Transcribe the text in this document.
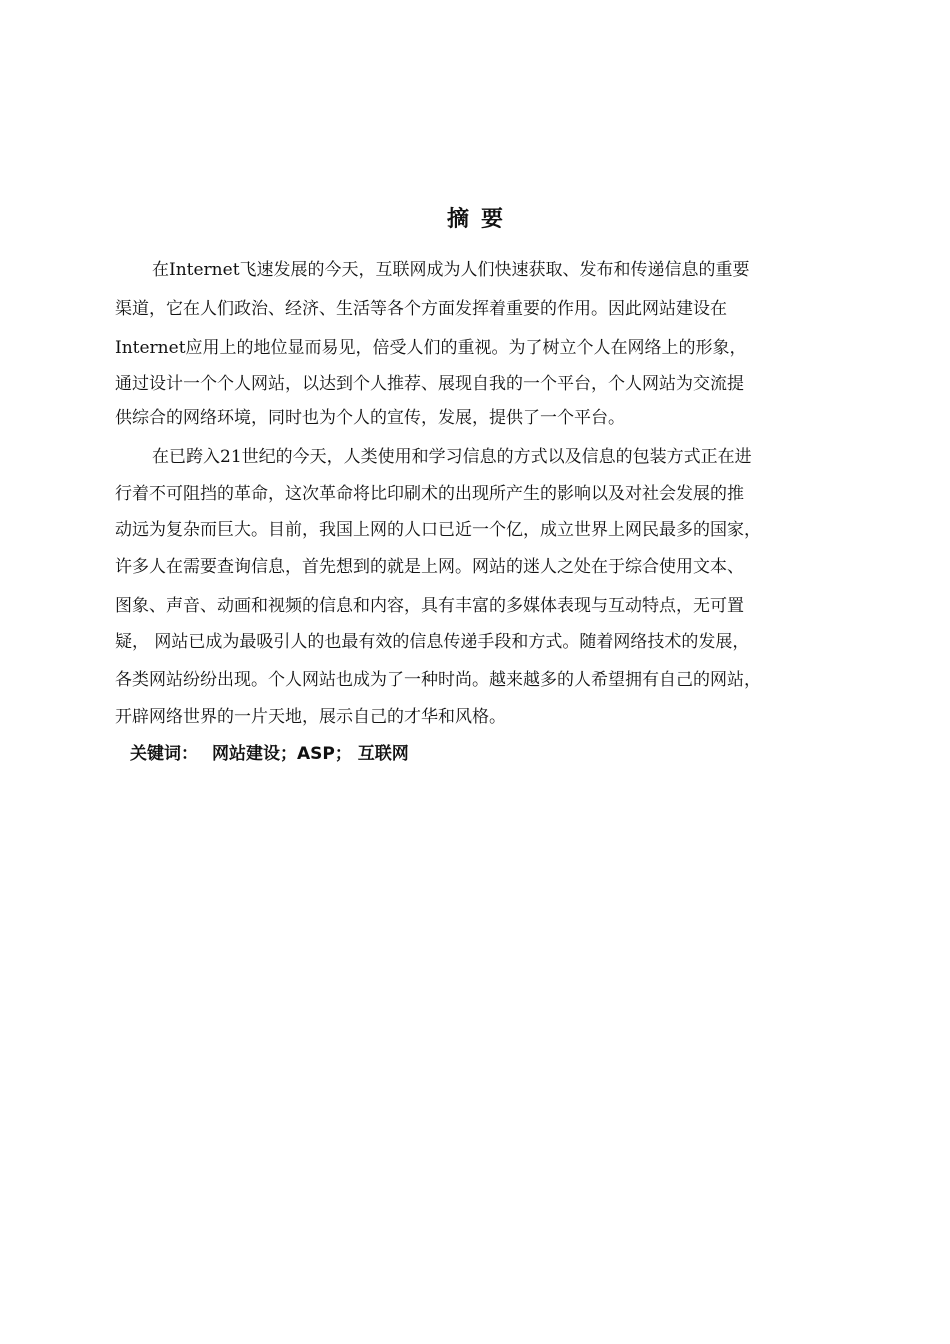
摘要
在Internet飞速发展的今天，互联网成为人们快速获取、发布和传递信息的重要
渠道，它在人们政治、经济、生活等各个方面发挥着重要的作用。因此网站建设在
Internet应用上的地位显而易见，倍受人们的重视。为了树立个人在网络上的形象，
通过设计一个个人网站，以达到个人推荐、展现自我的一个平台，个人网站为交流提
供综合的网络环境，同时也为个人的宣传，发展，提供了一个平台。
在已跨入21世纪的今天，人类使用和学习信息的方式以及信息的包装方式正在进
行着不可阻挡的革命，这次革命将比印刷术的出现所产生的影响以及对社会发展的推
动远为复杂而巨大。目前，我国上网的人口已近一个亿，成立世界上网民最多的国家，
许多人在需要查询信息，首先想到的就是上网。网站的迷人之处在于综合使用文本、
图象、声音、动画和视频的信息和内容，具有丰富的多媒体表现与互动特点，无可置
疑， 网站已成为最吸引人的也最有效的信息传递手段和方式。随着网络技术的发展，
各类网站纷纷出现。个人网站也成为了一种时尚。越来越多的人希望拥有自己的网站，
开辟网络世界的一片天地，展示自己的才华和风格。
关键词： 网站建设；ASP； 互联网
